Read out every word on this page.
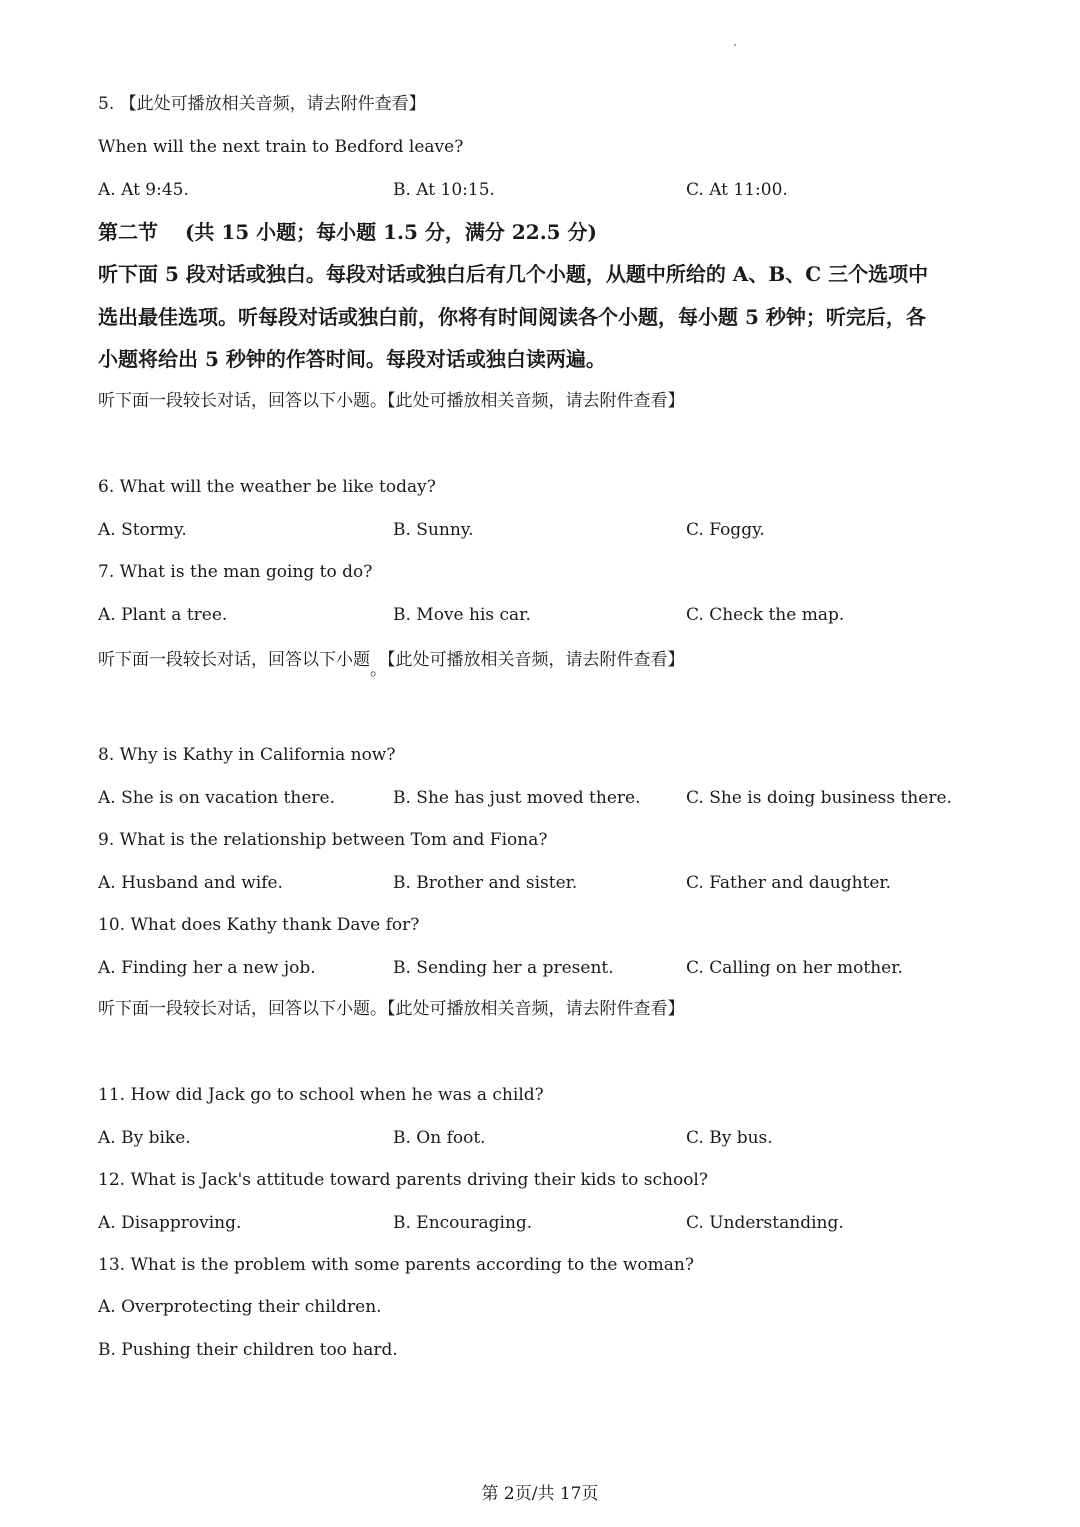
5. 【此处可播放相关音频，请去附件查看】
When will the next train to Bedford leave?
A. At 9:45.	B. At 10:15.	C. At 11:00.
第二节　 (共 15 小题；每小题 1.5 分，满分 22.5 分)
听下面 5 段对话或独白。每段对话或独白后有几个小题，从题中所给的 A、B、C 三个选项中
选出最佳选项。听每段对话或独白前，你将有时间阅读各个小题，每小题 5 秒钟；听完后，各
小题将给出 5 秒钟的作答时间。每段对话或独白读两遍。
听下面一段较长对话，回答以下小题。【此处可播放相关音频，请去附件查看】
6. What will the weather be like today?
A. Stormy.	B. Sunny.	C. Foggy.
7. What is the man going to do?
A. Plant a tree.	B. Move his car.	C. Check the map.
听下面一段较长对话，回答以下小题。【此处可播放相关音频，请去附件查看】
8. Why is Kathy in California now?
A. She is on vacation there.	B. She has just moved there.	C. She is doing business there.
9. What is the relationship between Tom and Fiona?
A. Husband and wife.	B. Brother and sister.	C. Father and daughter.
10. What does Kathy thank Dave for?
A. Finding her a new job.	B. Sending her a present.	C. Calling on her mother.
听下面一段较长对话，回答以下小题。【此处可播放相关音频，请去附件查看】
11. How did Jack go to school when he was a child?
A. By bike.	B. On foot.	C. By bus.
12. What is Jack's attitude toward parents driving their kids to school?
A. Disapproving.	B. Encouraging.	C. Understanding.
13. What is the problem with some parents according to the woman?
A. Overprotecting their children.
B. Pushing their children too hard.
第 2页/共 17页
